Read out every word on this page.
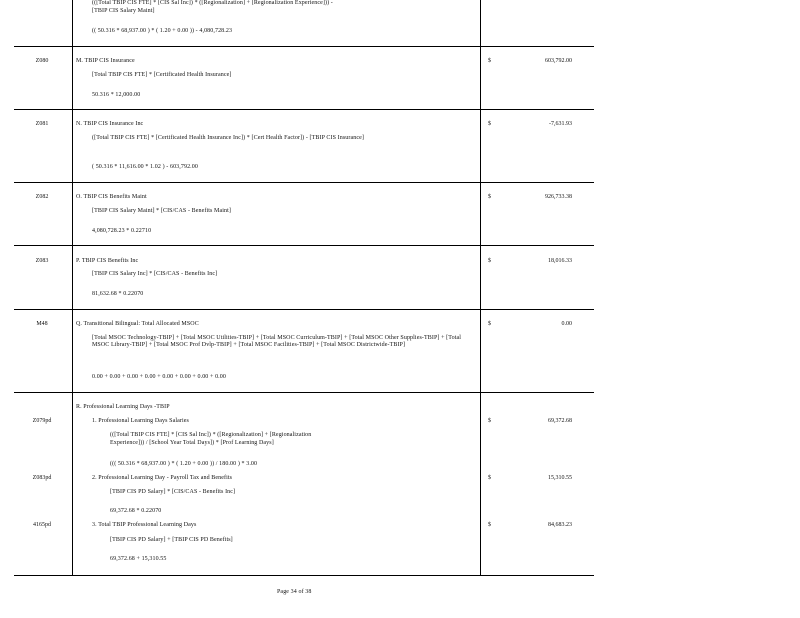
(([Total TBIP CIS FTE] * [CIS Sal Inc]) * ([Regionalization] + [Regionalization Experience])) -
[TBIP CIS Salary Maint]
(( 50.316 * 68,937.00 ) * ( 1.20 + 0.00 )) - 4,080,728.23
Z080	M. TBIP CIS Insurance
[Total TBIP CIS FTE] * [Certificated Health Insurance]
50.316 * 12,000.00
$	603,792.00
Z081	N. TBIP CIS Insurance Inc
([Total TBIP CIS FTE] * [Certificated Health Insurance Inc]) * [Cert Health Factor]) - [TBIP CIS Insurance]
( 50.316 * 11,616.00 * 1.02 ) - 603,792.00
$	-7,631.93
Z082	O. TBIP CIS Benefits Maint
[TBIP CIS Salary Maint] * [CIS/CAS - Benefits Maint]
4,080,728.23 * 0.22710
$	926,733.38
Z083	P. TBIP CIS Benefits Inc
[TBIP CIS Salary Inc] * [CIS/CAS - Benefits Inc]
81,632.68 * 0.22070
$	18,016.33
M48	Q. Transitional Bilingual: Total Allocated MSOC
[Total MSOC Technology-TBIP] + [Total MSOC Utilities-TBIP] + [Total MSOC Curriculum-TBIP] + [Total MSOC Other Supplies-TBIP] + [Total MSOC Library-TBIP] + [Total MSOC Prof Dvlp-TBIP] + [Total MSOC Facilities-TBIP] + [Total MSOC Districtwide-TBIP]
0.00 + 0.00 + 0.00 + 0.00 + 0.00 + 0.00 + 0.00 + 0.00
$	0.00
R. Professional Learning Days -TBIP
Z079pd	1. Professional Learning Days Salaries
(([Total TBIP CIS FTE] * [CIS Sal Inc]) * ([Regionalization] + [Regionalization
Experience])) / [School Year Total Days]) * [Prof Learning Days]
((( 50.316 * 68,937.00 ) * ( 1.20 + 0.00 )) / 180.00 ) * 3.00
$	69,372.68
Z083pd	2. Professional Learning Day - Payroll Tax and Benefits
[TBIP CIS PD Salary] * [CIS/CAS - Benefits Inc]
69,372.68 * 0.22070
$	15,310.55
4165pd	3. Total TBIP Professional Learning Days
[TBIP CIS PD Salary] + [TBIP CIS PD Benefits]
69,372.68 + 15,310.55
$	84,683.23
Page 34 of 38
